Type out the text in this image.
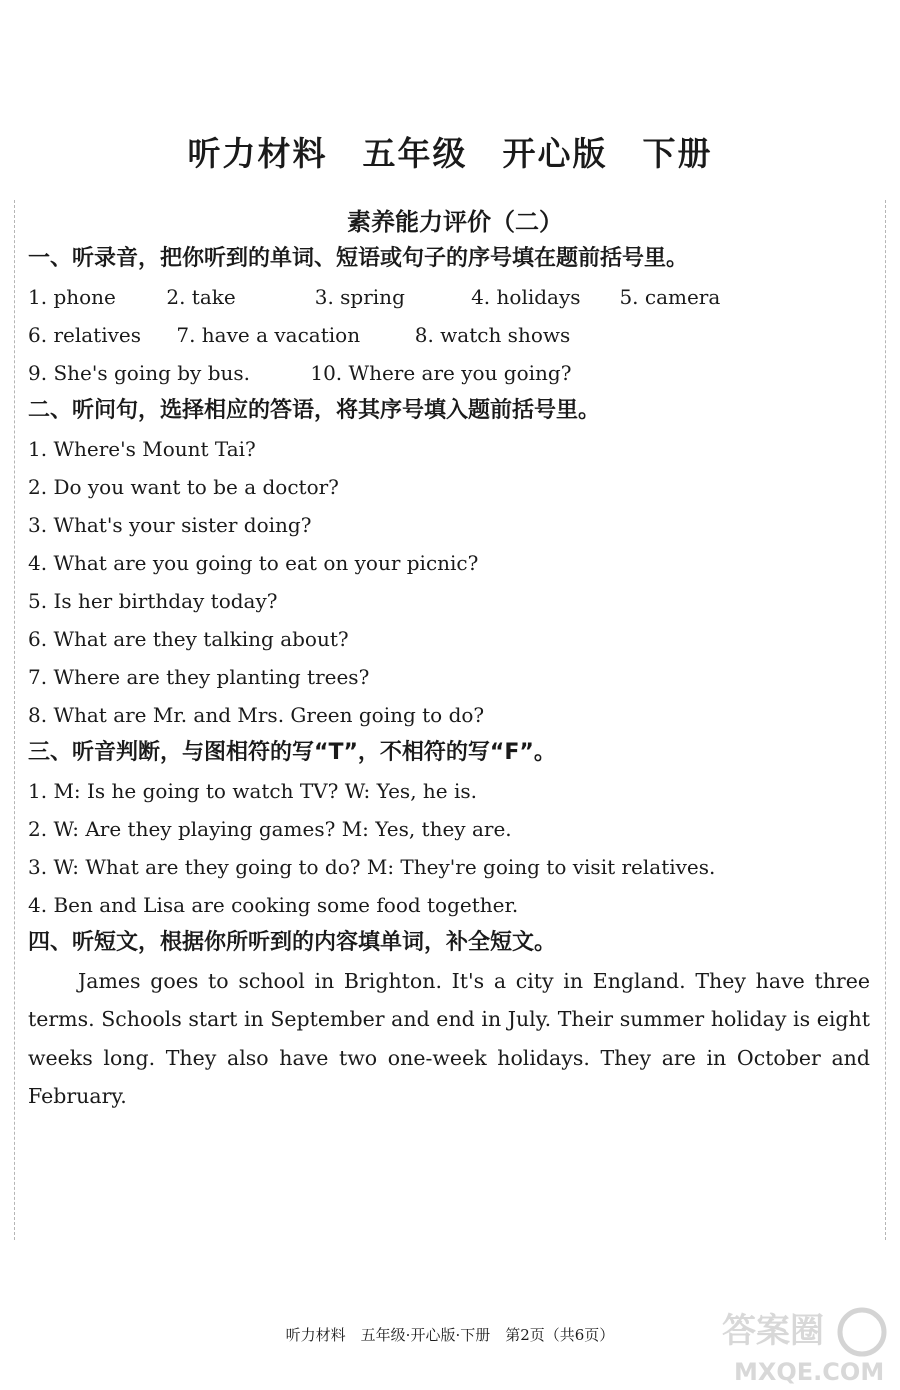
听力材料　五年级　开心版　下册
素养能力评价（二）
一、听录音，把你听到的单词、短语或句子的序号填在题前括号里。
1. phone	2. take	3. spring	4. holidays 5. camera
6. relatives 7. have a vacation	8. watch shows
9. She's going by bus.	10. Where are you going?
二、听问句，选择相应的答语，将其序号填入题前括号里。
1. Where's Mount Tai?
2. Do you want to be a doctor?
3. What's your sister doing?
4. What are you going to eat on your picnic?
5. Is her birthday today?
6. What are they talking about?
7. Where are they planting trees?
8. What are Mr. and Mrs. Green going to do?
三、听音判断，与图相符的写“T”，不相符的写“F”。
1. M: Is he going to watch TV? W: Yes, he is.
2. W: Are they playing games? M: Yes, they are.
3. W: What are they going to do? M: They're going to visit relatives.
4. Ben and Lisa are cooking some food together.
四、听短文，根据你所听到的内容填单词，补全短文。

James goes to school in Brighton. It's a city in England. They have three terms. Schools start in September and end in July. Their summer holiday is eight weeks long. They also have two one-week holidays. They are in October and February.

听力材料　五年级·开心版·下册　第2页（共6页）	答案圈
MXQE.COM
